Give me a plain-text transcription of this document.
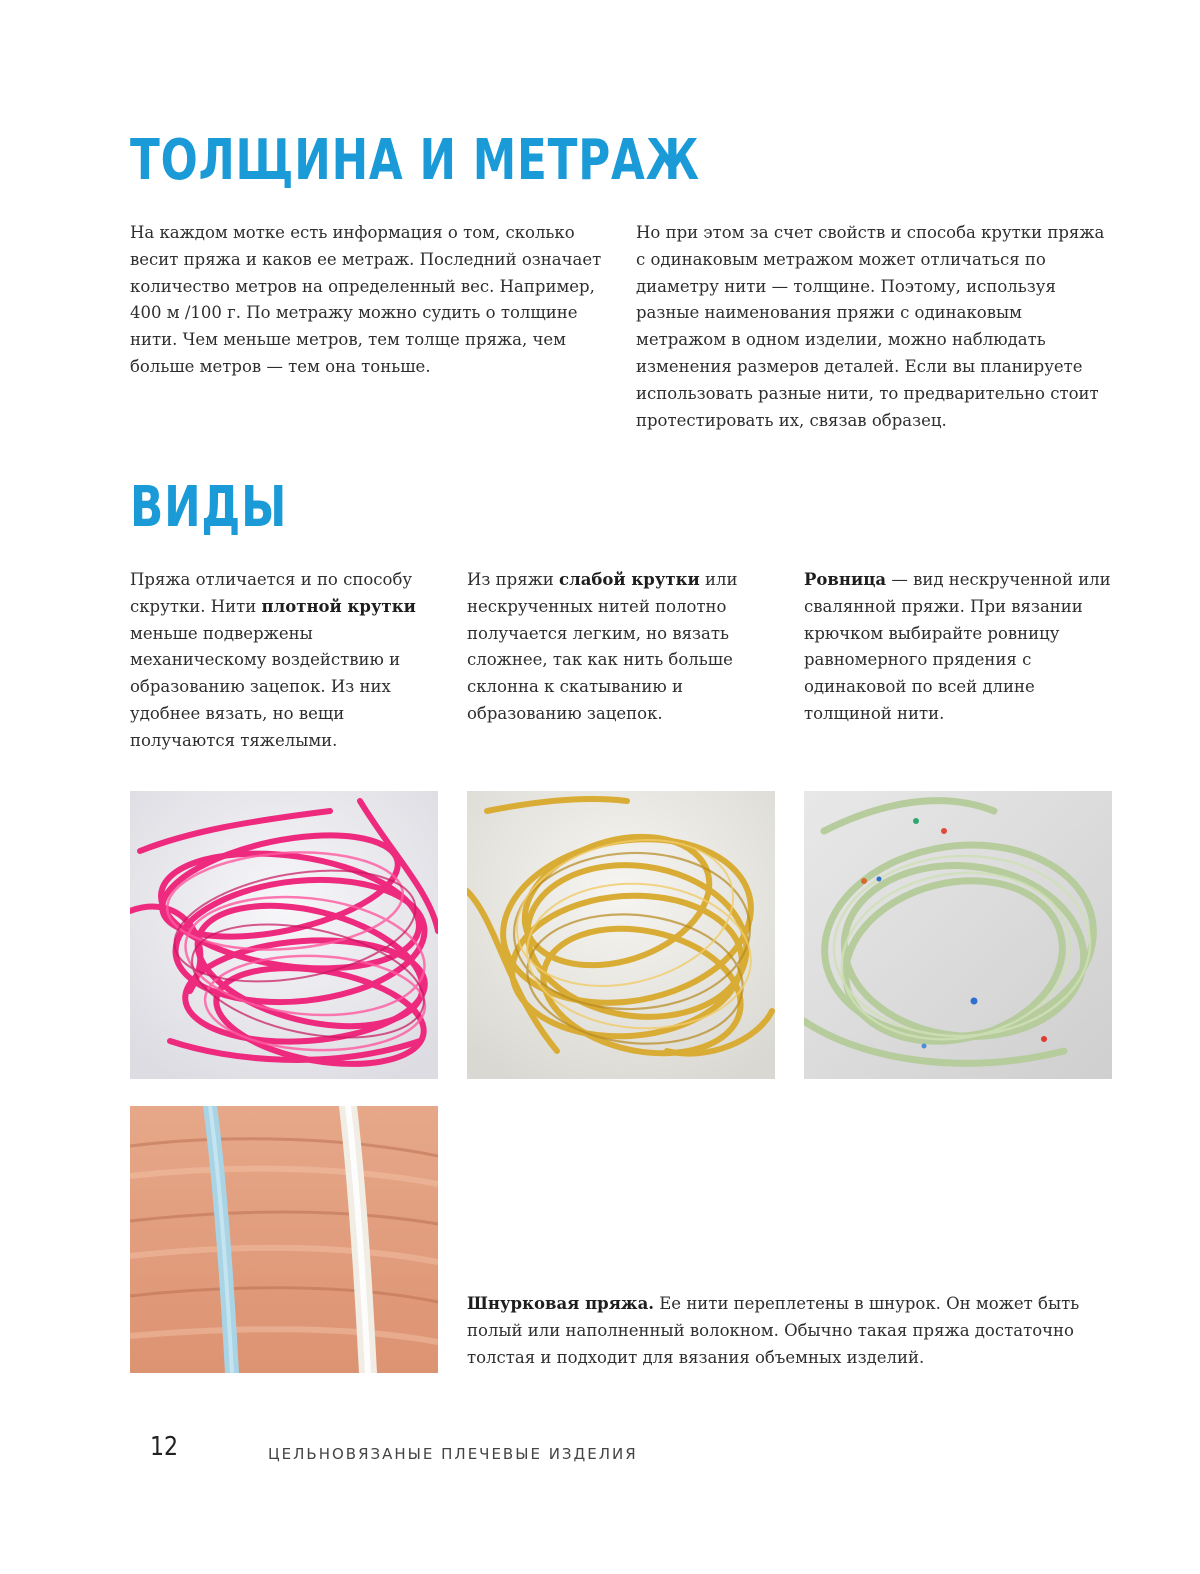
ТОЛЩИНА И МЕТРАЖ

На каждом мотке есть информация о том, сколько весит пряжа и каков ее метраж. Последний означает количество метров на определенный вес. Например, 400 м /100 г. По метражу можно судить о толщине нити. Чем меньше метров, тем толще пряжа, чем больше метров — тем она тоньше.

Но при этом за счет свойств и способа крутки пряжа с одинаковым метражом может отличаться по диаметру нити — толщине. Поэтому, используя разные наименования пряжи с одинаковым метражом в одном изделии, можно наблюдать изменения размеров деталей. Если вы планируете использовать разные нити, то предварительно стоит протестировать их, связав образец.

ВИДЫ

Пряжа отличается и по способу скрутки. Нити плотной крутки меньше подвержены механическому воздействию и образованию зацепок. Из них удобнее вязать, но вещи получаются тяжелыми.

Из пряжи слабой крутки или нескрученных нитей полотно получается легким, но вязать сложнее, так как нить больше склонна к скатыванию и образованию зацепок.

Ровница — вид нескрученной или свалянной пряжи. При вязании крючком выбирайте ровницу равномерного прядения с одинаковой по всей длине толщиной нити.

Шнурковая пряжа. Ее нити переплетены в шнурок. Он может быть полый или наполненный волокном. Обычно такая пряжа достаточно толстая и подходит для вязания объемных изделий.

12	ЦЕЛЬНОВЯЗАНЫЕ ПЛЕЧЕВЫЕ ИЗДЕЛИЯ
